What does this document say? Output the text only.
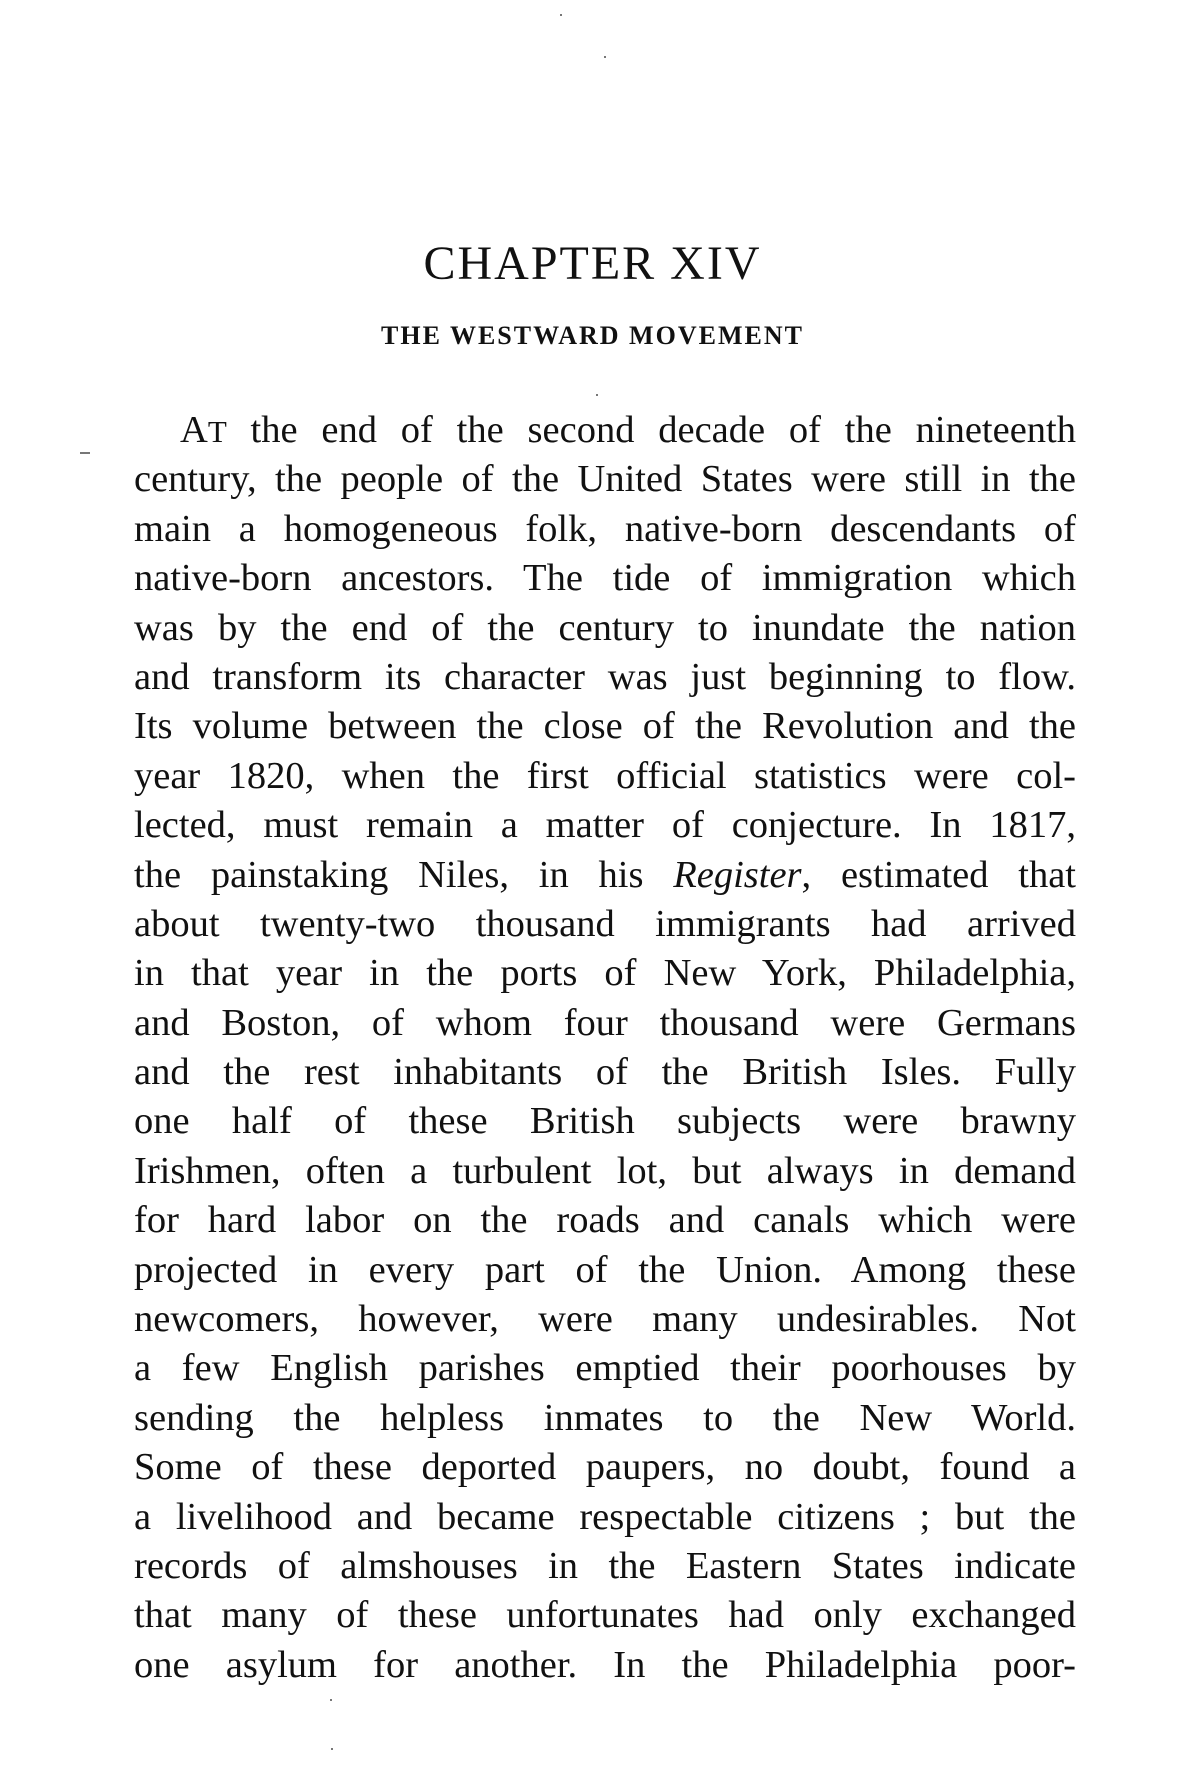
CHAPTER XIV
THE WESTWARD MOVEMENT
AT the end of the second decade of the nineteenth
century, the people of the United States were still in the
main a homogeneous folk, native-born descendants of
native-born ancestors. The tide of immigration which
was by the end of the century to inundate the nation
and transform its character was just beginning to flow.
Its volume between the close of the Revolution and the
year 1820, when the first official statistics were col-
lected, must remain a matter of conjecture. In 1817,
the painstaking Niles, in his Register, estimated that
about twenty-two thousand immigrants had arrived
in that year in the ports of New York, Philadelphia,
and Boston, of whom four thousand were Germans
and the rest inhabitants of the British Isles. Fully
one half of these British subjects were brawny
Irishmen, often a turbulent lot, but always in demand
for hard labor on the roads and canals which were
projected in every part of the Union. Among these
newcomers, however, were many undesirables. Not
a few English parishes emptied their poorhouses by
sending the helpless inmates to the New World.
Some of these deported paupers, no doubt, found a
a livelihood and became respectable citizens ; but the
records of almshouses in the Eastern States indicate
that many of these unfortunates had only exchanged
one asylum for another. In the Philadelphia poor-
